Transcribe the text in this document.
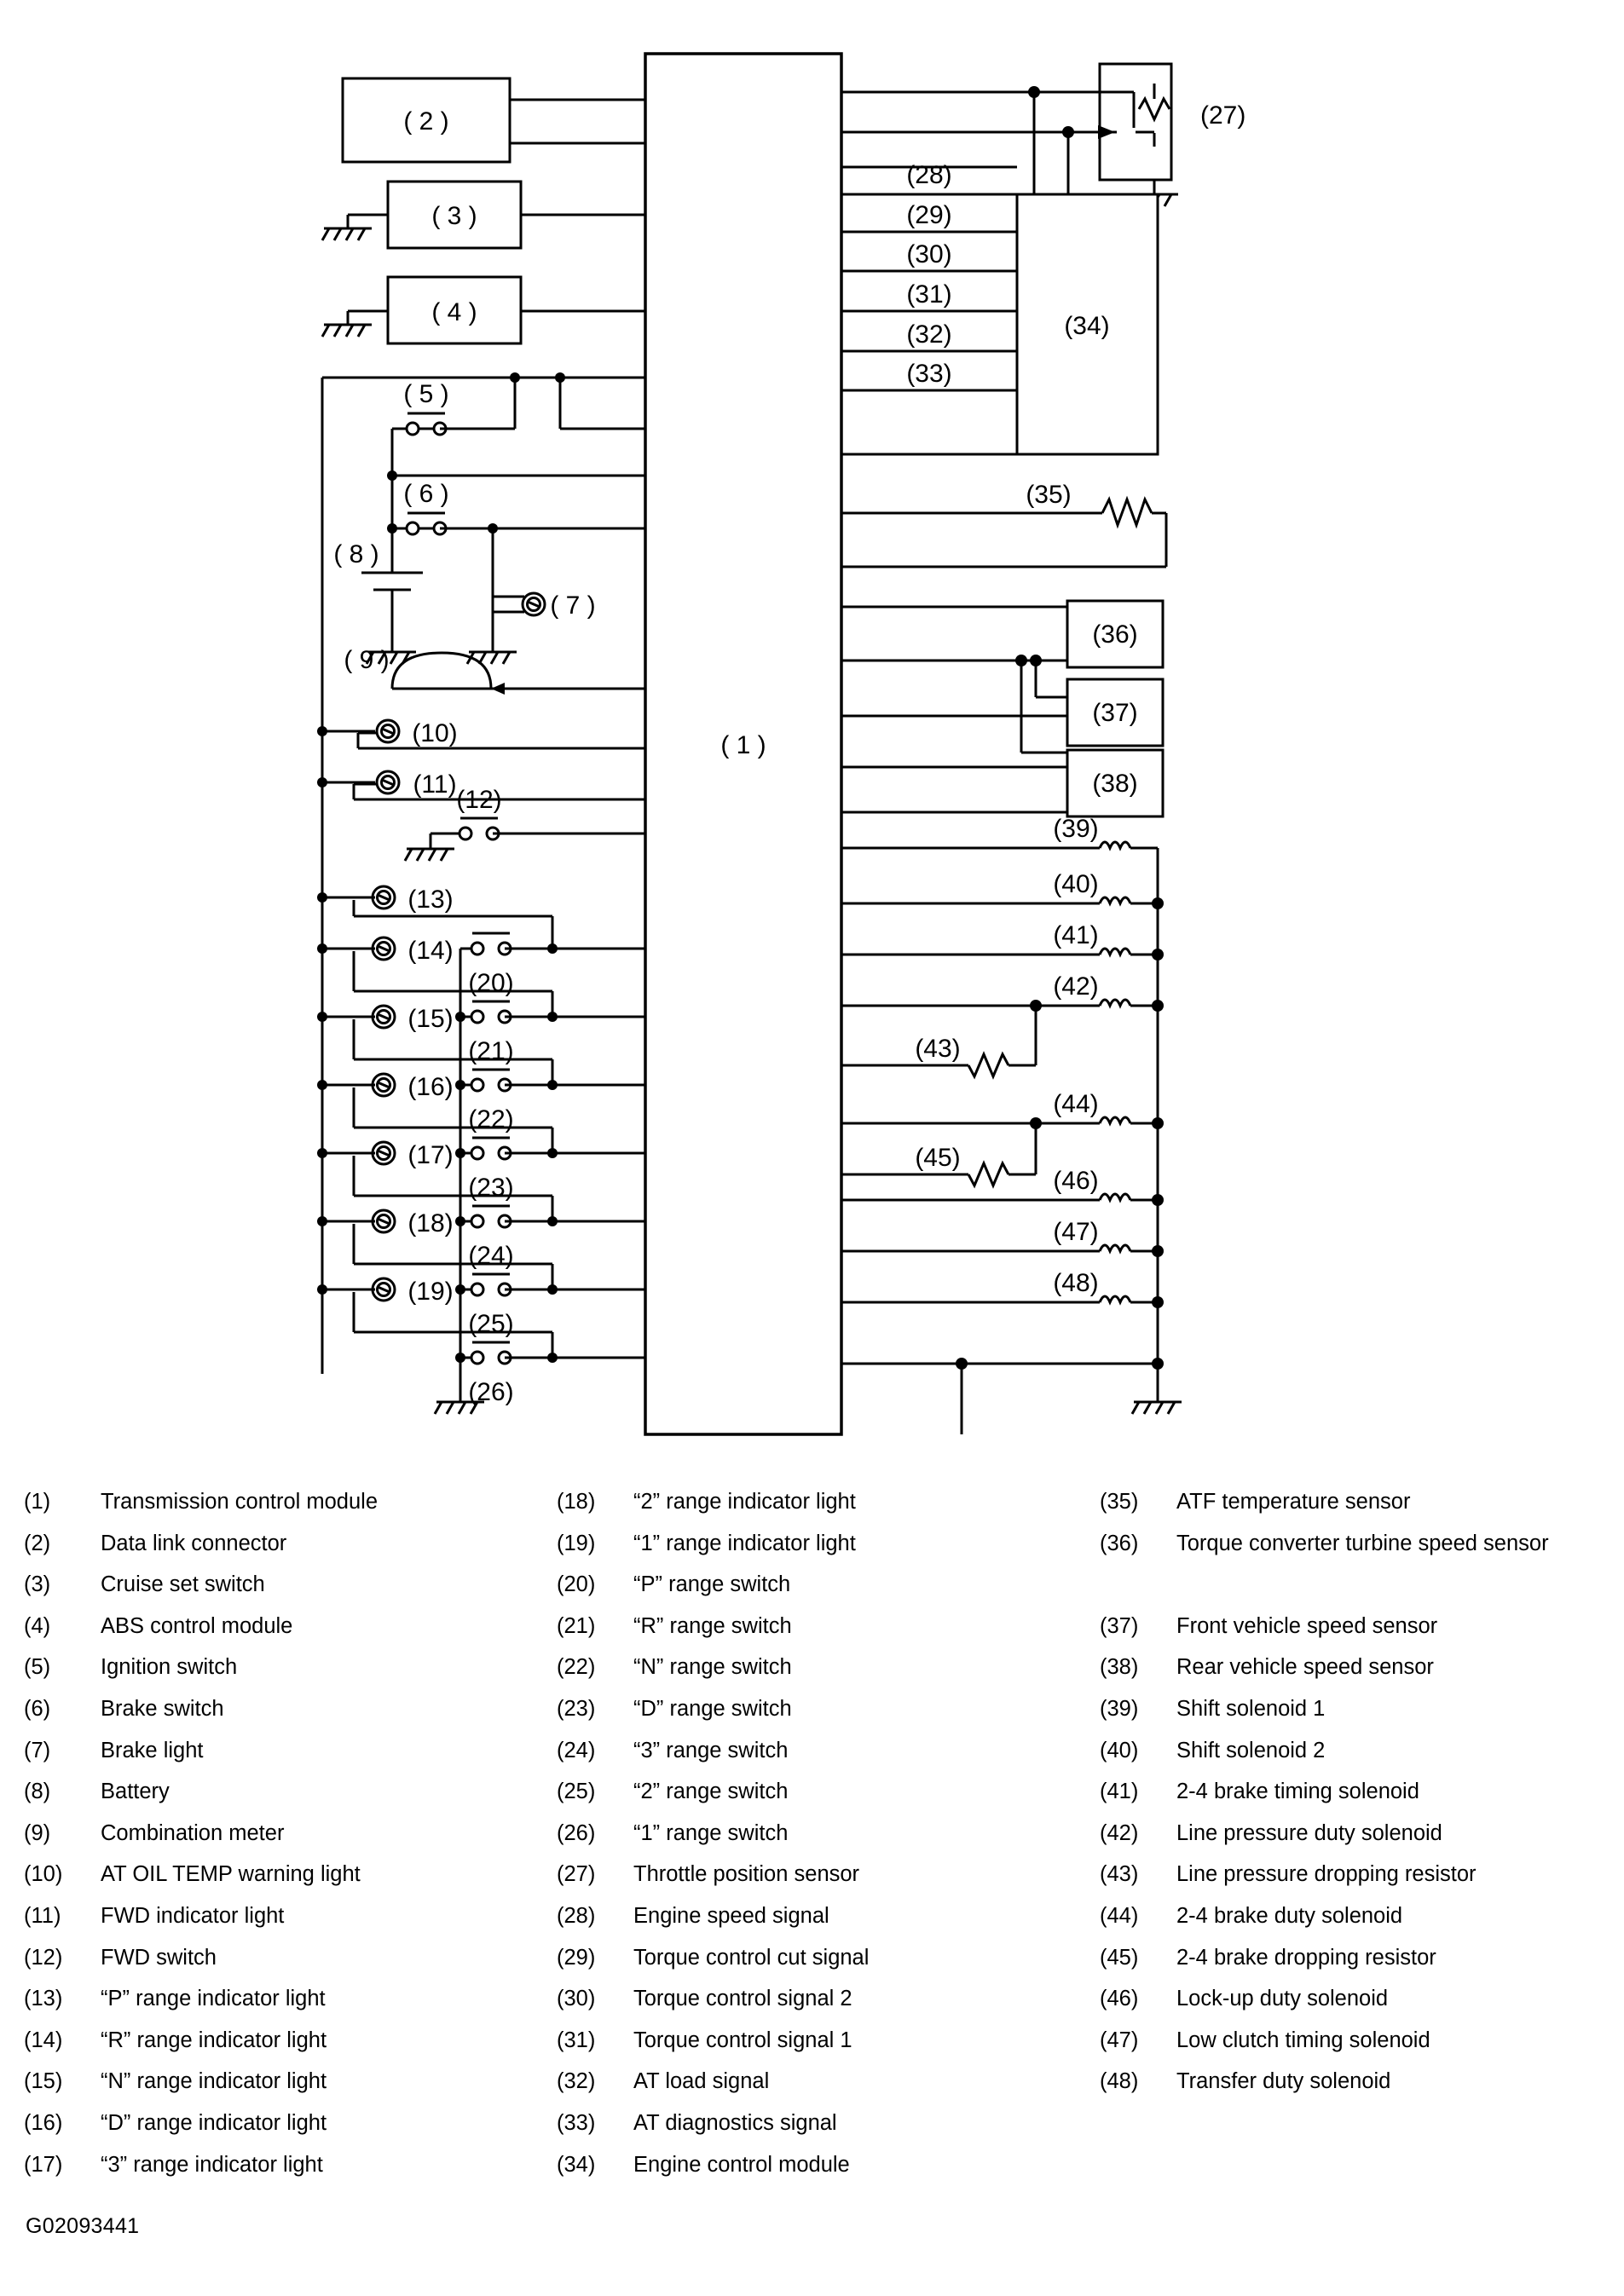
( 1 )
( 2 )
( 3 )
( 4 )	(34)
(36)
(37)
(38)
( 5 )
( 6 )
( 7 )
( 8 )
( 9 )
(10)
(11)
(12)
(13)
(14)
(15)
(16)
(17)
(18)
(19)
(20)
(21)
(22)
(23)
(24)
(25)
(26)
(27)
(28)
(29)
(30)
(31)
(32)
(33)
(35)
(39)
(40)
(41)
(42)
(43)
(44)
(45)
(46)
(47)
(48)
(1)	Transmission control module
(2)	Data link connector
(3)	Cruise set switch
(4)	ABS control module
(5)	Ignition switch
(6)	Brake switch
(7)	Brake light
(8)	Battery
(9)	Combination meter
(10)	AT OIL TEMP warning light
(11)	FWD indicator light
(12)	FWD switch
(13)	“P” range indicator light
(14)	“R” range indicator light
(15)	“N” range indicator light
(16)	“D” range indicator light
(17)	“3” range indicator light
(18)	“2” range indicator light
(19)	“1” range indicator light
(20)	“P” range switch
(21)	“R” range switch
(22)	“N” range switch
(23)	“D” range switch
(24)	“3” range switch
(25)	“2” range switch
(26)	“1” range switch
(27)	Throttle position sensor
(28)	Engine speed signal
(29)	Torque control cut signal
(30)	Torque control signal 2
(31)	Torque control signal 1
(32)	AT load signal
(33)	AT diagnostics signal
(34)	Engine control module
(35)	ATF temperature sensor
(36)	Torque converter turbine speed sensor
(37)	Front vehicle speed sensor
(38)	Rear vehicle speed sensor
(39)	Shift solenoid 1
(40)	Shift solenoid 2
(41)	2-4 brake timing solenoid
(42)	Line pressure duty solenoid
(43)	Line pressure dropping resistor
(44)	2-4 brake duty solenoid
(45)	2-4 brake dropping resistor
(46)	Lock-up duty solenoid
(47)	Low clutch timing solenoid
(48)	Transfer duty solenoid
G02093441
